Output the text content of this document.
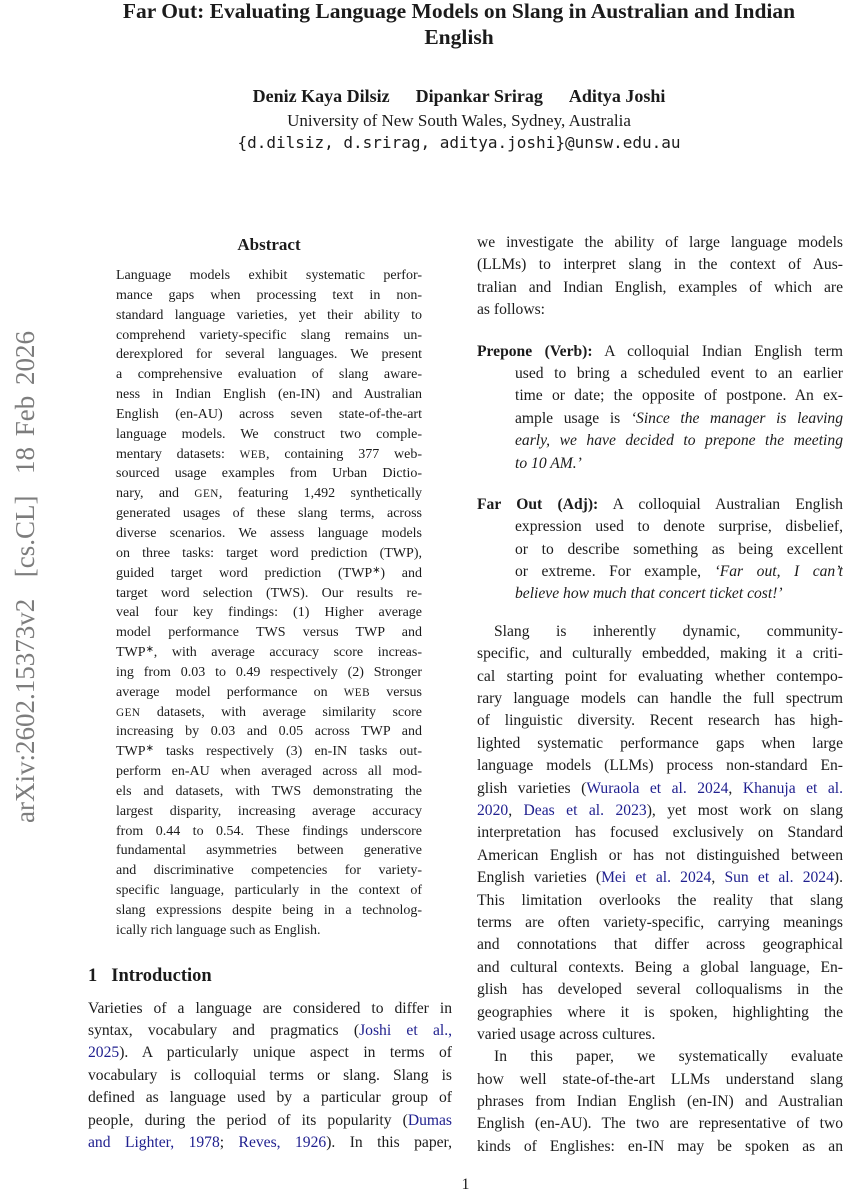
arXiv:2602.15373v2  [cs.CL]  18 Feb 2026
Far Out: Evaluating Language Models on Slang in Australian and Indian
English
Deniz Kaya Dilsiz Dipankar Srirag Aditya Joshi
University of New South Wales, Sydney, Australia
{d.dilsiz, d.srirag, aditya.joshi}@unsw.edu.au
Abstract
Language models exhibit systematic perfor-
mance gaps when processing text in non-
standard language varieties, yet their ability to
comprehend variety-specific slang remains un-
derexplored for several languages. We present
a comprehensive evaluation of slang aware-
ness in Indian English (en-IN) and Australian
English (en-AU) across seven state-of-the-art
language models. We construct two comple-
mentary datasets: WEB, containing 377 web-
sourced usage examples from Urban Dictio-
nary, and GEN, featuring 1,492 synthetically
generated usages of these slang terms, across
diverse scenarios. We assess language models
on three tasks: target word prediction (TWP),
guided target word prediction (TWP∗) and
target word selection (TWS). Our results re-
veal four key findings: (1) Higher average
model performance TWS versus TWP and
TWP∗, with average accuracy score increas-
ing from 0.03 to 0.49 respectively (2) Stronger
average model performance on WEB versus
GEN datasets, with average similarity score
increasing by 0.03 and 0.05 across TWP and
TWP∗ tasks respectively (3) en-IN tasks out-
perform en-AU when averaged across all mod-
els and datasets, with TWS demonstrating the
largest disparity, increasing average accuracy
from 0.44 to 0.54. These findings underscore
fundamental asymmetries between generative
and discriminative competencies for variety-
specific language, particularly in the context of
slang expressions despite being in a technolog-
ically rich language such as English.
1 Introduction
Varieties of a language are considered to differ in
syntax, vocabulary and pragmatics (Joshi et al.,
2025). A particularly unique aspect in terms of
vocabulary is colloquial terms or slang. Slang is
defined as language used by a particular group of
people, during the period of its popularity (Dumas
and Lighter, 1978; Reves, 1926). In this paper,
we investigate the ability of large language models
(LLMs) to interpret slang in the context of Aus-
tralian and Indian English, examples of which are
as follows:
Prepone (Verb): A colloquial Indian English term
used to bring a scheduled event to an earlier
time or date; the opposite of postpone. An ex-
ample usage is ‘Since the manager is leaving
early, we have decided to prepone the meeting
to 10 AM.’
Far Out (Adj): A colloquial Australian English
expression used to denote surprise, disbelief,
or to describe something as being excellent
or extreme. For example, ‘Far out, I can’t
believe how much that concert ticket cost!’
Slang is inherently dynamic, community-
specific, and culturally embedded, making it a criti-
cal starting point for evaluating whether contempo-
rary language models can handle the full spectrum
of linguistic diversity. Recent research has high-
lighted systematic performance gaps when large
language models (LLMs) process non-standard En-
glish varieties (Wuraola et al. 2024, Khanuja et al.
2020, Deas et al. 2023), yet most work on slang
interpretation has focused exclusively on Standard
American English or has not distinguished between
English varieties (Mei et al. 2024, Sun et al. 2024).
This limitation overlooks the reality that slang
terms are often variety-specific, carrying meanings
and connotations that differ across geographical
and cultural contexts. Being a global language, En-
glish has developed several colloqualisms in the
geographies where it is spoken, highlighting the
varied usage across cultures.
In this paper, we systematically evaluate
how well state-of-the-art LLMs understand slang
phrases from Indian English (en-IN) and Australian
English (en-AU). The two are representative of two
kinds of Englishes: en-IN may be spoken as an
1
